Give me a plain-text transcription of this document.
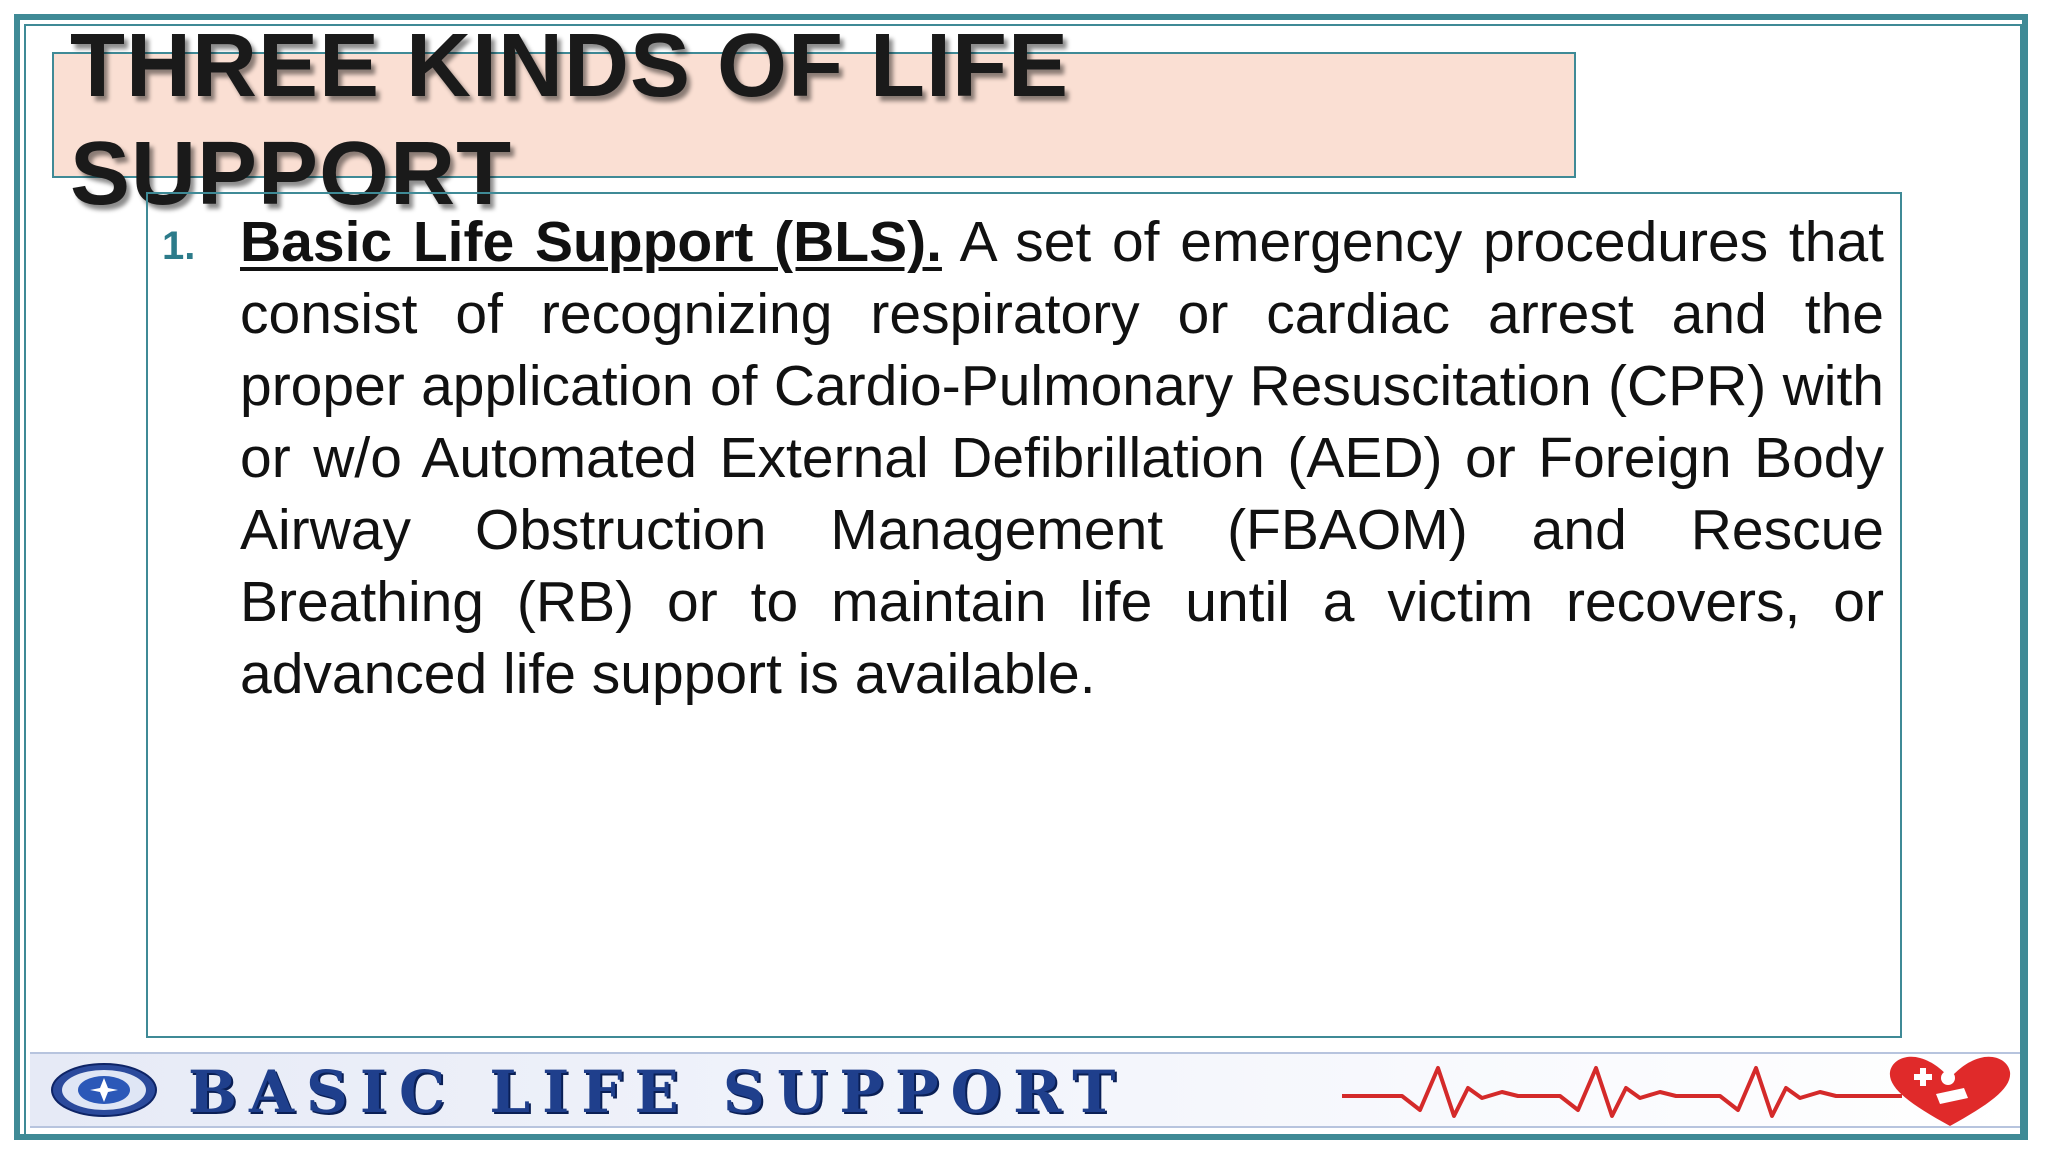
THREE KINDS OF LIFE
SUPPORT
1. Basic Life Support (BLS). A set of emergency procedures that consist of recognizing respiratory or cardiac arrest and the proper application of Cardio-Pulmonary Resuscitation (CPR) with or w/o Automated External Defibrillation (AED) or Foreign Body Airway Obstruction Management (FBAOM) and Rescue Breathing (RB) or to maintain life until a victim recovers, or advanced life support is available.

BASIC LIFE SUPPORT
